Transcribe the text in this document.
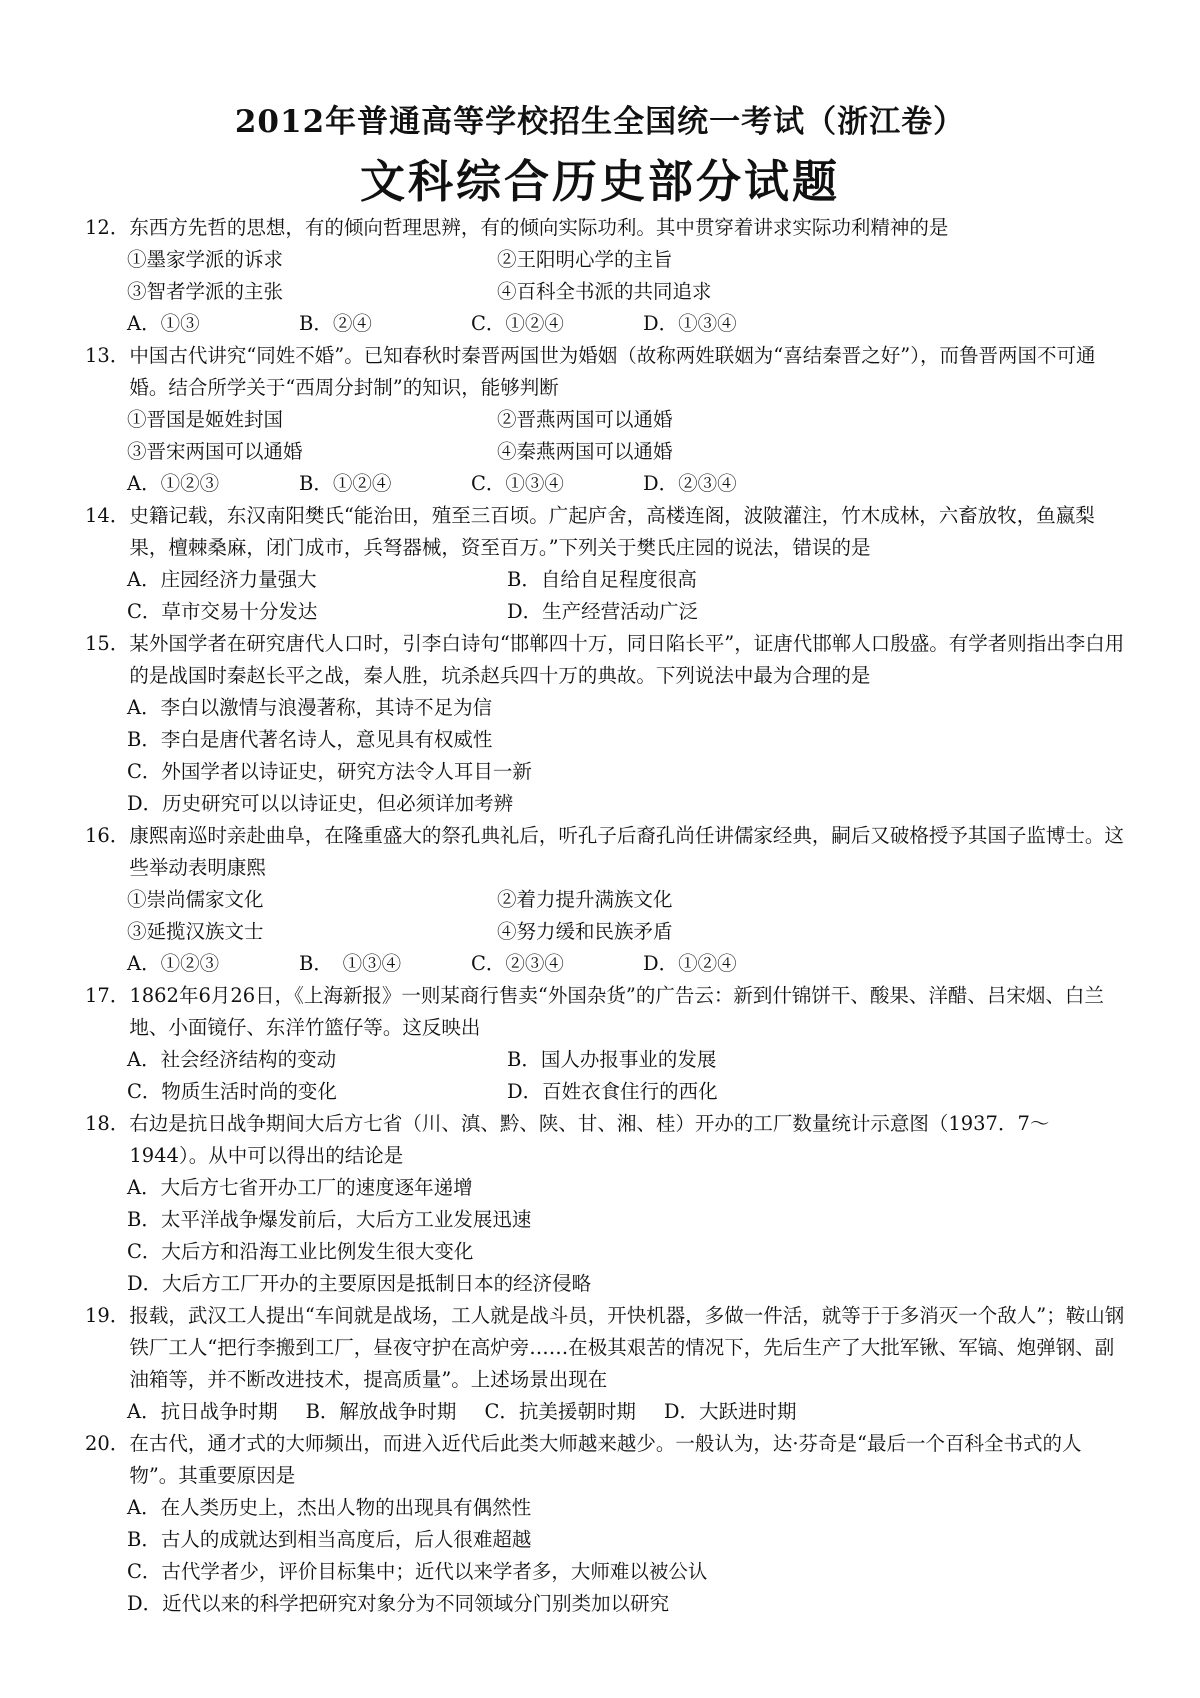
2012年普通高等学校招生全国统一考试（浙江卷）
文科综合历史部分试题
12． 东西方先哲的思想，有的倾向哲理思辨，有的倾向实际功利。其中贯穿着讲求实际功利精神的是
①墨家学派的诉求	②王阳明心学的主旨
③智者学派的主张	④百科全书派的共同追求
A．①③	B．②④	C．①②④	D．①③④
13． 中国古代讲究“同姓不婚”。已知春秋时秦晋两国世为婚姻（故称两姓联姻为“喜结秦晋之好”），而鲁晋两国不可通婚。结合所学关于“西周分封制”的知识，能够判断
①晋国是姬姓封国	②晋燕两国可以通婚
③晋宋两国可以通婚	④秦燕两国可以通婚
A．①②③	B．①②④	C．①③④	D．②③④
14． 史籍记载，东汉南阳樊氏“能治田，殖至三百顷。广起庐舍，高楼连阁，波陂灌注，竹木成林，六畜放牧，鱼嬴梨果，檀棘桑麻，闭门成市，兵弩器械，资至百万。”下列关于樊氏庄园的说法，错误的是
A．庄园经济力量强大	B．自给自足程度很高
C．草市交易十分发达	D．生产经营活动广泛
15． 某外国学者在研究唐代人口时，引李白诗句“邯郸四十万，同日陷长平”，证唐代邯郸人口殷盛。有学者则指出李白用的是战国时秦赵长平之战，秦人胜，坑杀赵兵四十万的典故。下列说法中最为合理的是
A．李白以激情与浪漫著称，其诗不足为信
B．李白是唐代著名诗人，意见具有权威性
C．外国学者以诗证史，研究方法令人耳目一新
D．历史研究可以以诗证史，但必须详加考辨
16． 康熙南巡时亲赴曲阜，在隆重盛大的祭孔典礼后，听孔子后裔孔尚任讲儒家经典，嗣后又破格授予其国子监博士。这些举动表明康熙
①崇尚儒家文化	②着力提升满族文化
③延揽汉族文士	④努力缓和民族矛盾
A．①②③	B．　①③④	C．②③④	D．①②④
17． 1862年6月26日，《上海新报》一则某商行售卖“外国杂货”的广告云：新到什锦饼干、酸果、洋醋、吕宋烟、白兰地、小面镜仔、东洋竹篮仔等。这反映出
A．社会经济结构的变动	B．国人办报事业的发展
C．物质生活时尚的变化	D．百姓衣食住行的西化
18． 右边是抗日战争期间大后方七省（川、滇、黔、陕、甘、湘、桂）开办的工厂数量统计示意图（1937．7～1944）。从中可以得出的结论是
A．大后方七省开办工厂的速度逐年递增
B．太平洋战争爆发前后，大后方工业发展迅速
C．大后方和沿海工业比例发生很大变化
D．大后方工厂开办的主要原因是抵制日本的经济侵略
19． 报载，武汉工人提出“车间就是战场，工人就是战斗员，开快机器，多做一件活，就等于于多消灭一个敌人”；鞍山钢铁厂工人“把行李搬到工厂，昼夜守护在高炉旁……在极其艰苦的情况下，先后生产了大批军锹、军镐、炮弹钢、副油箱等，并不断改进技术，提高质量”。上述场景出现在
A．抗日战争时期 B．解放战争时期 C．抗美援朝时期 D．大跃进时期
20． 在古代，通才式的大师频出，而进入近代后此类大师越来越少。一般认为，达·芬奇是“最后一个百科全书式的人物”。其重要原因是
A．在人类历史上，杰出人物的出现具有偶然性
B．古人的成就达到相当高度后，后人很难超越
C．古代学者少，评价目标集中；近代以来学者多，大师难以被公认
D．近代以来的科学把研究对象分为不同领域分门别类加以研究
